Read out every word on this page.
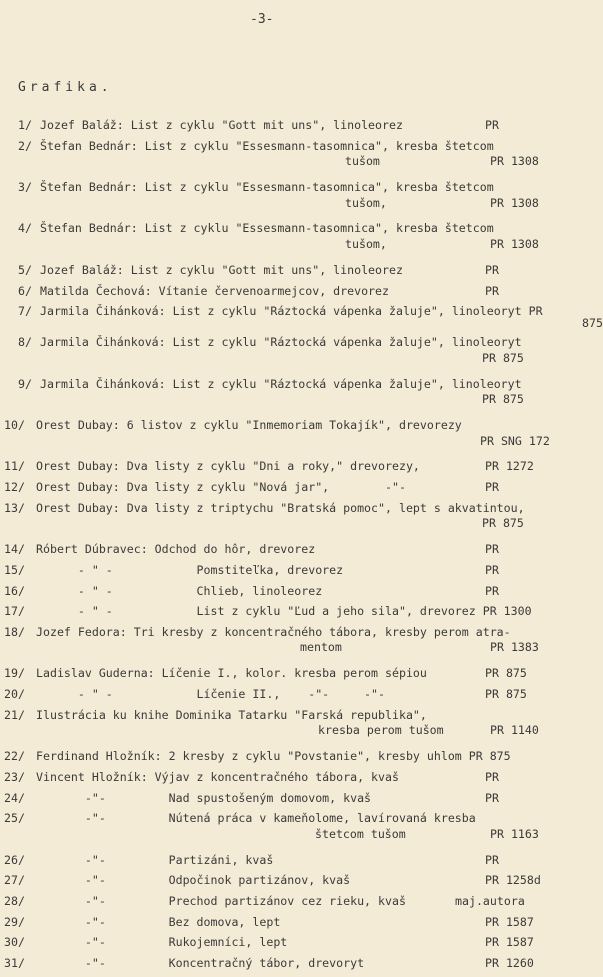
-3-
Grafika.
1/ Jozef Baláž: List z cyklu "Gott mit uns", linoleorez	PR
2/ Štefan Bednár: List z cyklu "Essesmann-tasomnica", kresba štetcom
tušom	PR 1308
3/ Štefan Bednár: List z cyklu "Essesmann-tasomnica", kresba štetcom
tušom,	PR 1308
4/ Štefan Bednár: List z cyklu "Essesmann-tasomnica", kresba štetcom
tušom,	PR 1308
5/ Jozef Baláž: List z cyklu "Gott mit uns", linoleorez	PR
6/ Matilda Čechová: Vítanie červenoarmejcov, drevorez	PR
7/ Jarmila Čihánková: List z cyklu "Ráztocká vápenka žaluje", linoleoryt PR
875
8/ Jarmila Čihánková: List z cyklu "Ráztocká vápenka žaluje", linoleoryt
PR 875
9/ Jarmila Čihánková: List z cyklu "Ráztocká vápenka žaluje", linoleoryt
PR 875
10/ Orest Dubay: 6 listov z cyklu "Inmemoriam Tokajík", drevorezy
PR SNG 172
11/ Orest Dubay: Dva listy z cyklu "Dni a roky," drevorezy,	PR 1272
12/ Orest Dubay: Dva listy z cyklu "Nová jar",        -"-	PR
13/ Orest Dubay: Dva listy z triptychu "Bratská pomoc", lept s akvatintou,
PR 875
14/ Róbert Dúbravec: Odchod do hôr, drevorez	PR
15/ - " -            Pomstiteľka, drevorez	PR
16/ - " -            Chlieb, linoleorez	PR
17/ - " -            List z cyklu "Ľud a jeho sila", drevorez PR 1300
18/ Jozef Fedora: Tri kresby z koncentračného tábora, kresby perom atra-
mentom	PR 1383
19/ Ladislav Guderna: Líčenie I., kolor. kresba perom sépiou	PR 875
20/ - " -            Líčenie II.,    -"-     -"-	PR 875
21/ Ilustrácia ku knihe Dominika Tatarku "Farská republika",
kresba perom tušom	PR 1140
22/ Ferdinand Hložník: 2 kresby z cyklu "Povstanie", kresby uhlom PR 875
23/ Vincent Hložník: Výjav z koncentračného tábora, kvaš	PR
24/ -"-         Nad spustošeným domovom, kvaš	PR
25/ -"-         Nútená práca v kameňolome, lavírovaná kresba
štetcom tušom	PR 1163
26/ -"-         Partizáni, kvaš	PR
27/ -"-         Odpočinok partizánov, kvaš	PR 1258d
28/ -"-         Prechod partizánov cez rieku, kvaš	maj.autora
29/ -"-         Bez domova, lept	PR 1587
30/ -"-         Rukojemníci, lept	PR 1587
31/ -"-         Koncentračný tábor, drevoryt	PR 1260
